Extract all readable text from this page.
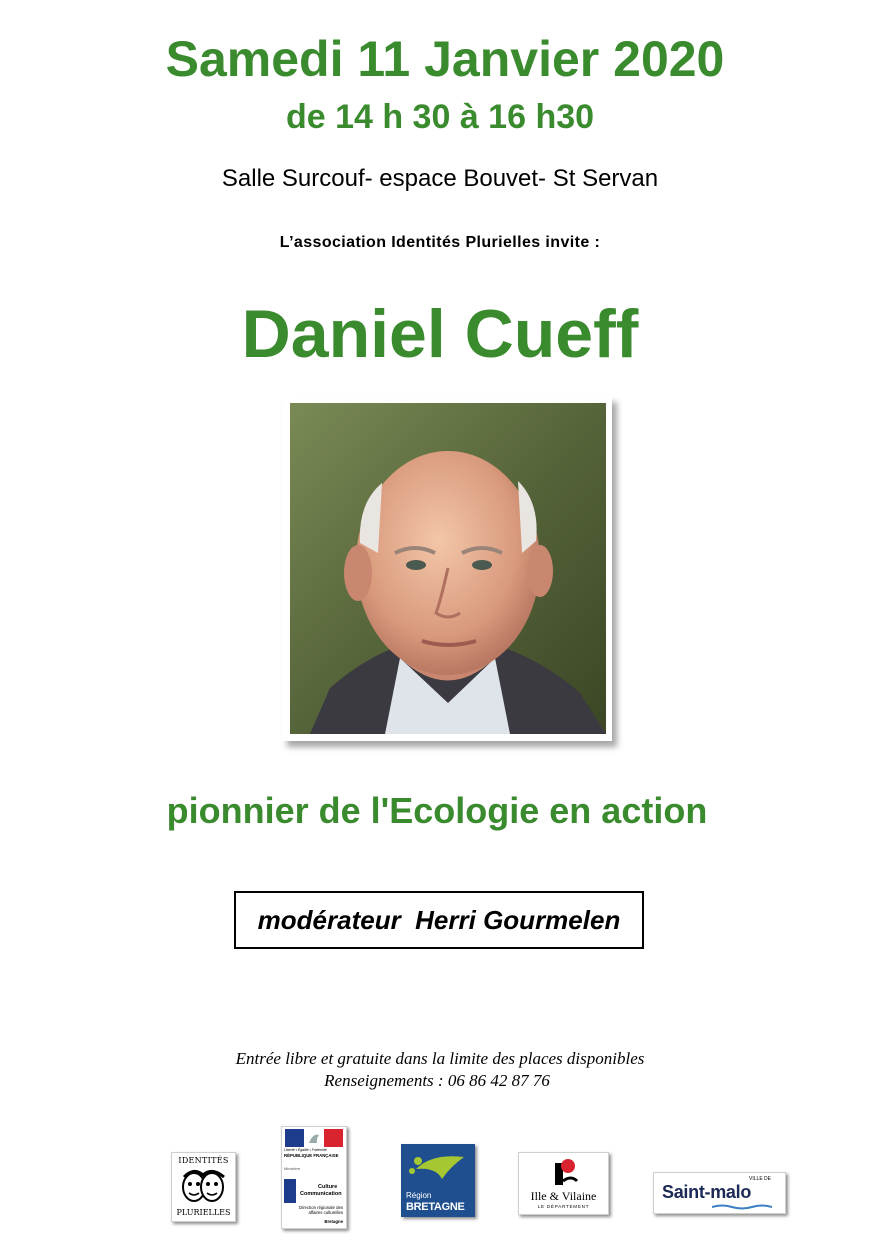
Samedi 11 Janvier 2020
de 14 h 30 à 16 h30
Salle Surcouf- espace Bouvet- St Servan
L’association Identités Plurielles invite :
Daniel Cueff
pionnier de l'Ecologie en action
modérateur  Herri Gourmelen
Entrée libre et gratuite dans la limite des places disponibles
Renseignements : 06 86 42 87 76
IDENTITÉS
PLURIELLES
Liberté • Égalité • Fraternité
RÉPUBLIQUE FRANÇAISE
Ministère
Culture
Communication
Direction régionale des affaires culturelles
Bretagne
Région
BRETAGNE
Ille & Vilaine
LE DÉPARTEMENT
VILLE DE
Saint-malo
